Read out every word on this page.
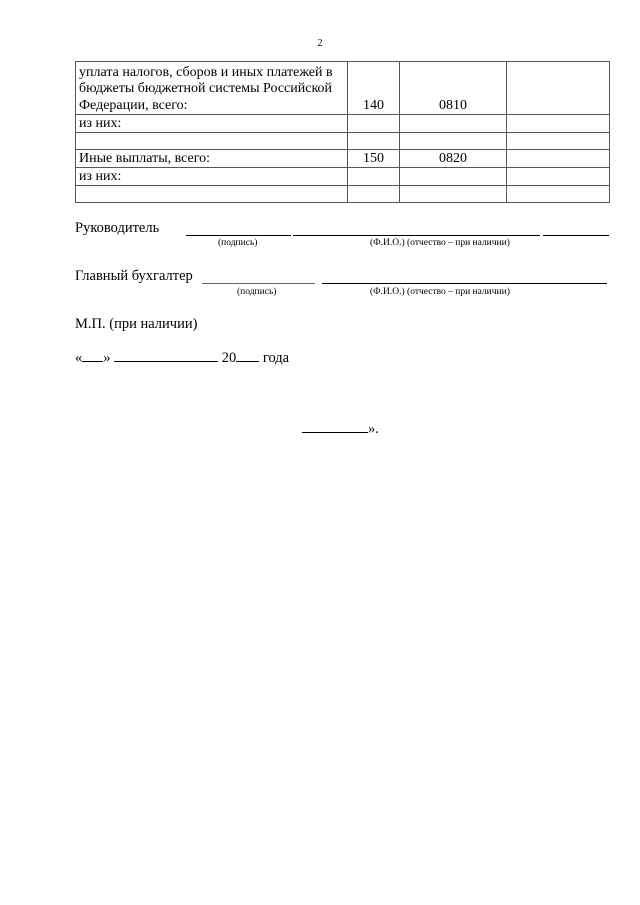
2
уплата налогов, сборов и иных платежей в бюджеты бюджетной системы Российской Федерации, всего:	140	0810	
из них:			

Иные выплаты, всего:	150	0820	
из них:			

Руководитель
(подпись)	(Ф.И.О.) (отчество – при наличии)
Главный бухгалтер
(подпись)	(Ф.И.О.) (отчество – при наличии)
М.П. (при наличии)
« »	20 года
».
